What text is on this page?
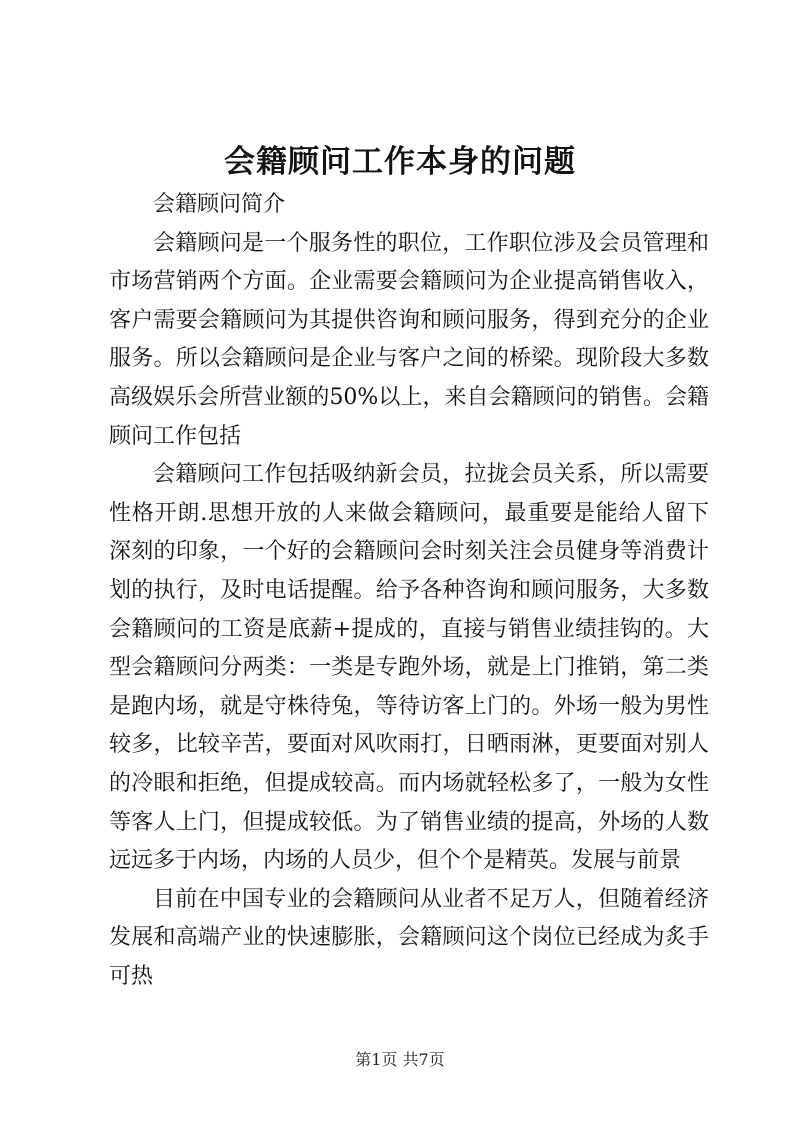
会籍顾问工作本身的问题

会籍顾问简介

会籍顾问是一个服务性的职位，工作职位涉及会员管理和市场营销两个方面。企业需要会籍顾问为企业提高销售收入，客户需要会籍顾问为其提供咨询和顾问服务，得到充分的企业服务。所以会籍顾问是企业与客户之间的桥梁。现阶段大多数高级娱乐会所营业额的50%以上，来自会籍顾问的销售。会籍顾问工作包括

会籍顾问工作包括吸纳新会员，拉拢会员关系，所以需要性格开朗.思想开放的人来做会籍顾问，最重要是能给人留下深刻的印象，一个好的会籍顾问会时刻关注会员健身等消费计划的执行，及时电话提醒。给予各种咨询和顾问服务，大多数会籍顾问的工资是底薪+提成的，直接与销售业绩挂钩的。大型会籍顾问分两类：一类是专跑外场，就是上门推销，第二类是跑内场，就是守株待兔，等待访客上门的。外场一般为男性较多，比较辛苦，要面对风吹雨打，日晒雨淋，更要面对别人的冷眼和拒绝，但提成较高。而内场就轻松多了，一般为女性等客人上门，但提成较低。为了销售业绩的提高，外场的人数远远多于内场，内场的人员少，但个个是精英。发展与前景

目前在中国专业的会籍顾问从业者不足万人，但随着经济发展和高端产业的快速膨胀，会籍顾问这个岗位已经成为炙手可热

第1页 共7页
